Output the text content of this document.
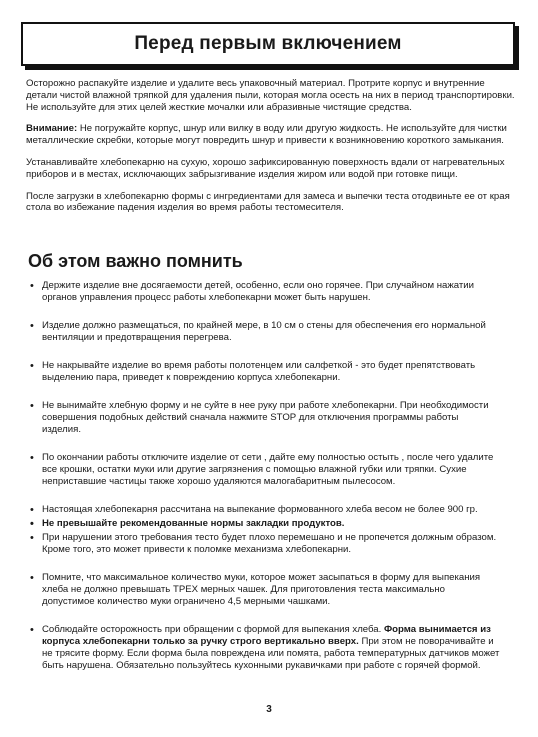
Перед первым включением

Осторожно распакуйте изделие и удалите весь упаковочный материал. Протрите корпус и внутренние детали чистой влажной тряпкой для удаления пыли, которая могла осесть на них в период транспортировки. Не используйте для этих целей жесткие мочалки или абразивные чистящие средства.

Внимание: Не погружайте корпус, шнур или вилку в воду или другую жидкость. Не используйте для чистки металлические скребки, которые могут повредить шнур и привести к возникновению короткого замыкания.

Устанавливайте хлебопекарню на сухую, хорошо зафиксированную поверхность вдали от нагревательных приборов и в местах, исключающих забрызгивание изделия жиром или водой при готовке пищи.

После загрузки в хлебопекарню формы с ингредиентами для замеса и выпечки теста отодвиньте ее от края стола во избежание падения изделия во время работы тестомесителя.

Об этом важно помнить
• Держите изделие вне досягаемости детей, особенно, если оно горячее. При случайном нажатии органов управления процесс работы хлебопекарни может быть нарушен.
• Изделие должно размещаться, по крайней мере, в 10 см о стены для обеспечения его нормальной вентиляции и предотвращения перегрева.
• Не накрывайте изделие во время работы полотенцем или салфеткой - это будет препятствовать выделению пара, приведет к повреждению корпуса хлебопекарни.
• Не вынимайте хлебную форму и не суйте в нее руку при работе хлебопекарни. При необходимости совершения подобных действий сначала нажмите STOP для отключения программы работы изделия.
• По окончании работы отключите изделие от сети , дайте ему полностью остыть , после чего удалите все крошки, остатки муки или другие загрязнения с помощью влажной губки или тряпки. Сухие неприставшие частицы также хорошо удаляются малогабаритным пылесосом.
• Настоящая хлебопекарня рассчитана на выпекание формованного хлеба весом не более 900 гр.
• Не превышайте рекомендованные нормы закладки продуктов.
• При нарушении этого требования тесто будет плохо перемешано и не пропечется должным образом. Кроме того, это может привести к поломке механизма хлебопекарни.
• Помните, что максимальное количество муки, которое может засыпаться в форму для выпекания хлеба не должно превышать ТРЕХ мерных чашек. Для приготовления теста максимально допустимое количество муки ограничено 4,5 мерными чашками.
• Соблюдайте осторожность при обращении с формой для выпекания хлеба. Форма вынимается из корпуса хлебопекарни только за ручку строго вертикально вверх. При этом не поворачивайте и не трясите форму. Если форма была повреждена или помята, работа температурных датчиков может быть нарушена. Обязательно пользуйтесь кухонными рукавичками при работе с горячей формой.
3
